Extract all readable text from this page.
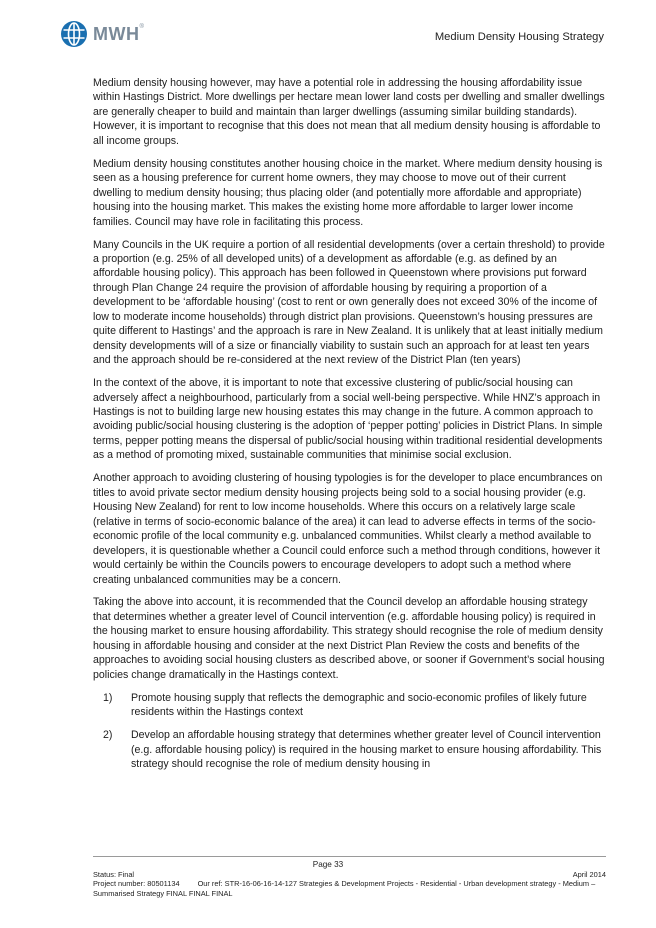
MWH®
Medium Density Housing Strategy

Medium density housing however, may have a potential role in addressing the housing affordability issue within Hastings District. More dwellings per hectare mean lower land costs per dwelling and smaller dwellings are generally cheaper to build and maintain than larger dwellings (assuming similar building standards). However, it is important to recognise that this does not mean that all medium density housing is affordable to all income groups.

Medium density housing constitutes another housing choice in the market. Where medium density housing is seen as a housing preference for current home owners, they may choose to move out of their current dwelling to medium density housing; thus placing older (and potentially more affordable and appropriate) housing into the housing market. This makes the existing home more affordable to larger lower income families. Council may have role in facilitating this process.

Many Councils in the UK require a portion of all residential developments (over a certain threshold) to provide a proportion (e.g. 25% of all developed units) of a development as affordable (e.g. as defined by an affordable housing policy). This approach has been followed in Queenstown where provisions put forward through Plan Change 24 require the provision of affordable housing by requiring a proportion of a development to be ‘affordable housing’ (cost to rent or own generally does not exceed 30% of the income of low to moderate income households) through district plan provisions. Queenstown’s housing pressures are quite different to Hastings’ and the approach is rare in New Zealand. It is unlikely that at least initially medium density developments will of a size or financially viability to sustain such an approach for at least ten years and the approach should be re-considered at the next review of the District Plan (ten years)

In the context of the above, it is important to note that excessive clustering of public/social housing can adversely affect a neighbourhood, particularly from a social well-being perspective. While HNZ’s approach in Hastings is not to building large new housing estates this may change in the future. A common approach to avoiding public/social housing clustering is the adoption of ‘pepper potting’ policies in District Plans. In simple terms, pepper potting means the dispersal of public/social housing within traditional residential developments as a method of promoting mixed, sustainable communities that minimise social exclusion.

Another approach to avoiding clustering of housing typologies is for the developer to place encumbrances on titles to avoid private sector medium density housing projects being sold to a social housing provider (e.g. Housing New Zealand) for rent to low income households. Where this occurs on a relatively large scale (relative in terms of socio-economic balance of the area) it can lead to adverse effects in terms of the socio-economic profile of the local community e.g. unbalanced communities. Whilst clearly a method available to developers, it is questionable whether a Council could enforce such a method through conditions, however it would certainly be within the Councils powers to encourage developers to adopt such a method where creating unbalanced communities may be a concern.

Taking the above into account, it is recommended that the Council develop an affordable housing strategy that determines whether a greater level of Council intervention (e.g. affordable housing policy) is required in the housing market to ensure housing affordability. This strategy should recognise the role of medium density housing in affordable housing and consider at the next District Plan Review the costs and benefits of the approaches to avoiding social housing clusters as described above, or sooner if Government’s social housing policies change dramatically in the Hastings context.

1)	Promote housing supply that reflects the demographic and socio-economic profiles of likely future residents within the Hastings context
2)	Develop an affordable housing strategy that determines whether greater level of Council intervention (e.g. affordable housing policy) is required in the housing market to ensure housing affordability. This strategy should recognise the role of medium density housing in
Page 33
Status: Final	April 2014
Project number: 80501134 Our ref: STR-16-06-16-14-127 Strategies & Development Projects - Residential - Urban development strategy - Medium – Summarised Strategy FINAL FINAL FINAL
